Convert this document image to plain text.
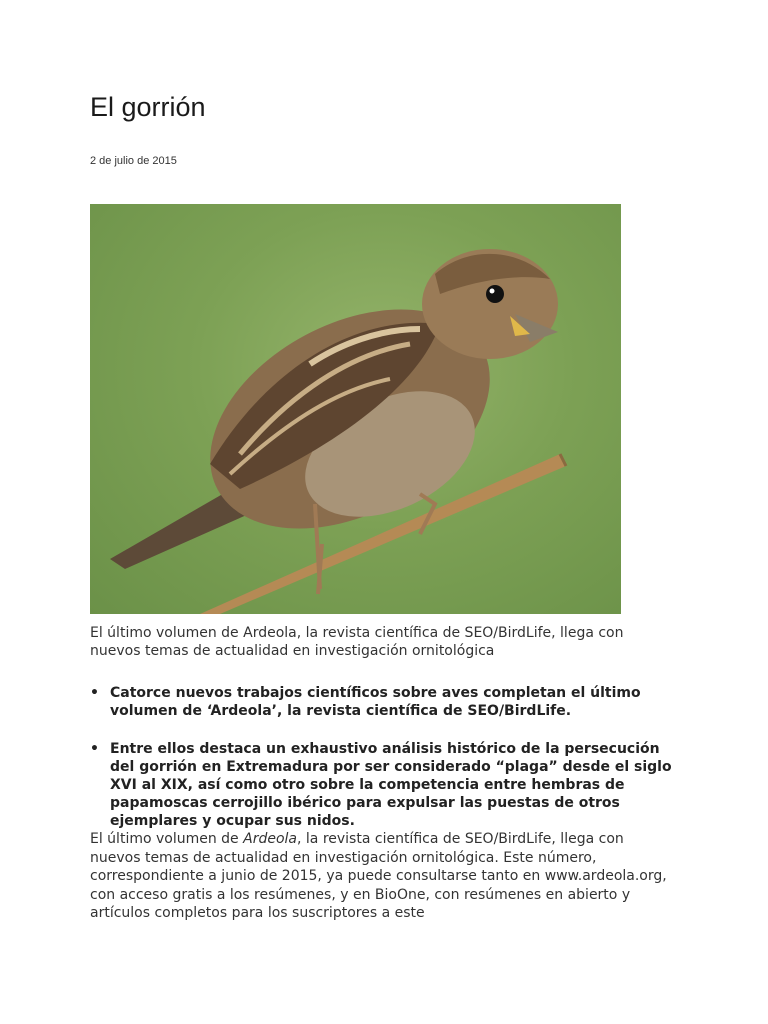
El gorrión
2 de julio de 2015

El último volumen de Ardeola, la revista científica de SEO/BirdLife, llega con nuevos temas de actualidad en investigación ornitológica

• Catorce nuevos trabajos científicos sobre aves completan el último volumen de ‘Ardeola’, la revista científica de SEO/BirdLife.
• Entre ellos destaca un exhaustivo análisis histórico de la persecución del gorrión en Extremadura por ser considerado “plaga” desde el siglo XVI al XIX, así como otro sobre la competencia entre hembras de papamoscas cerrojillo ibérico para expulsar las puestas de otros ejemplares y ocupar sus nidos.

El último volumen de Ardeola, la revista científica de SEO/BirdLife, llega con nuevos temas de actualidad en investigación ornitológica. Este número, correspondiente a junio de 2015, ya puede consultarse tanto en www.ardeola.org, con acceso gratis a los resúmenes, y en BioOne, con resúmenes en abierto y artículos completos para los suscriptores a este
